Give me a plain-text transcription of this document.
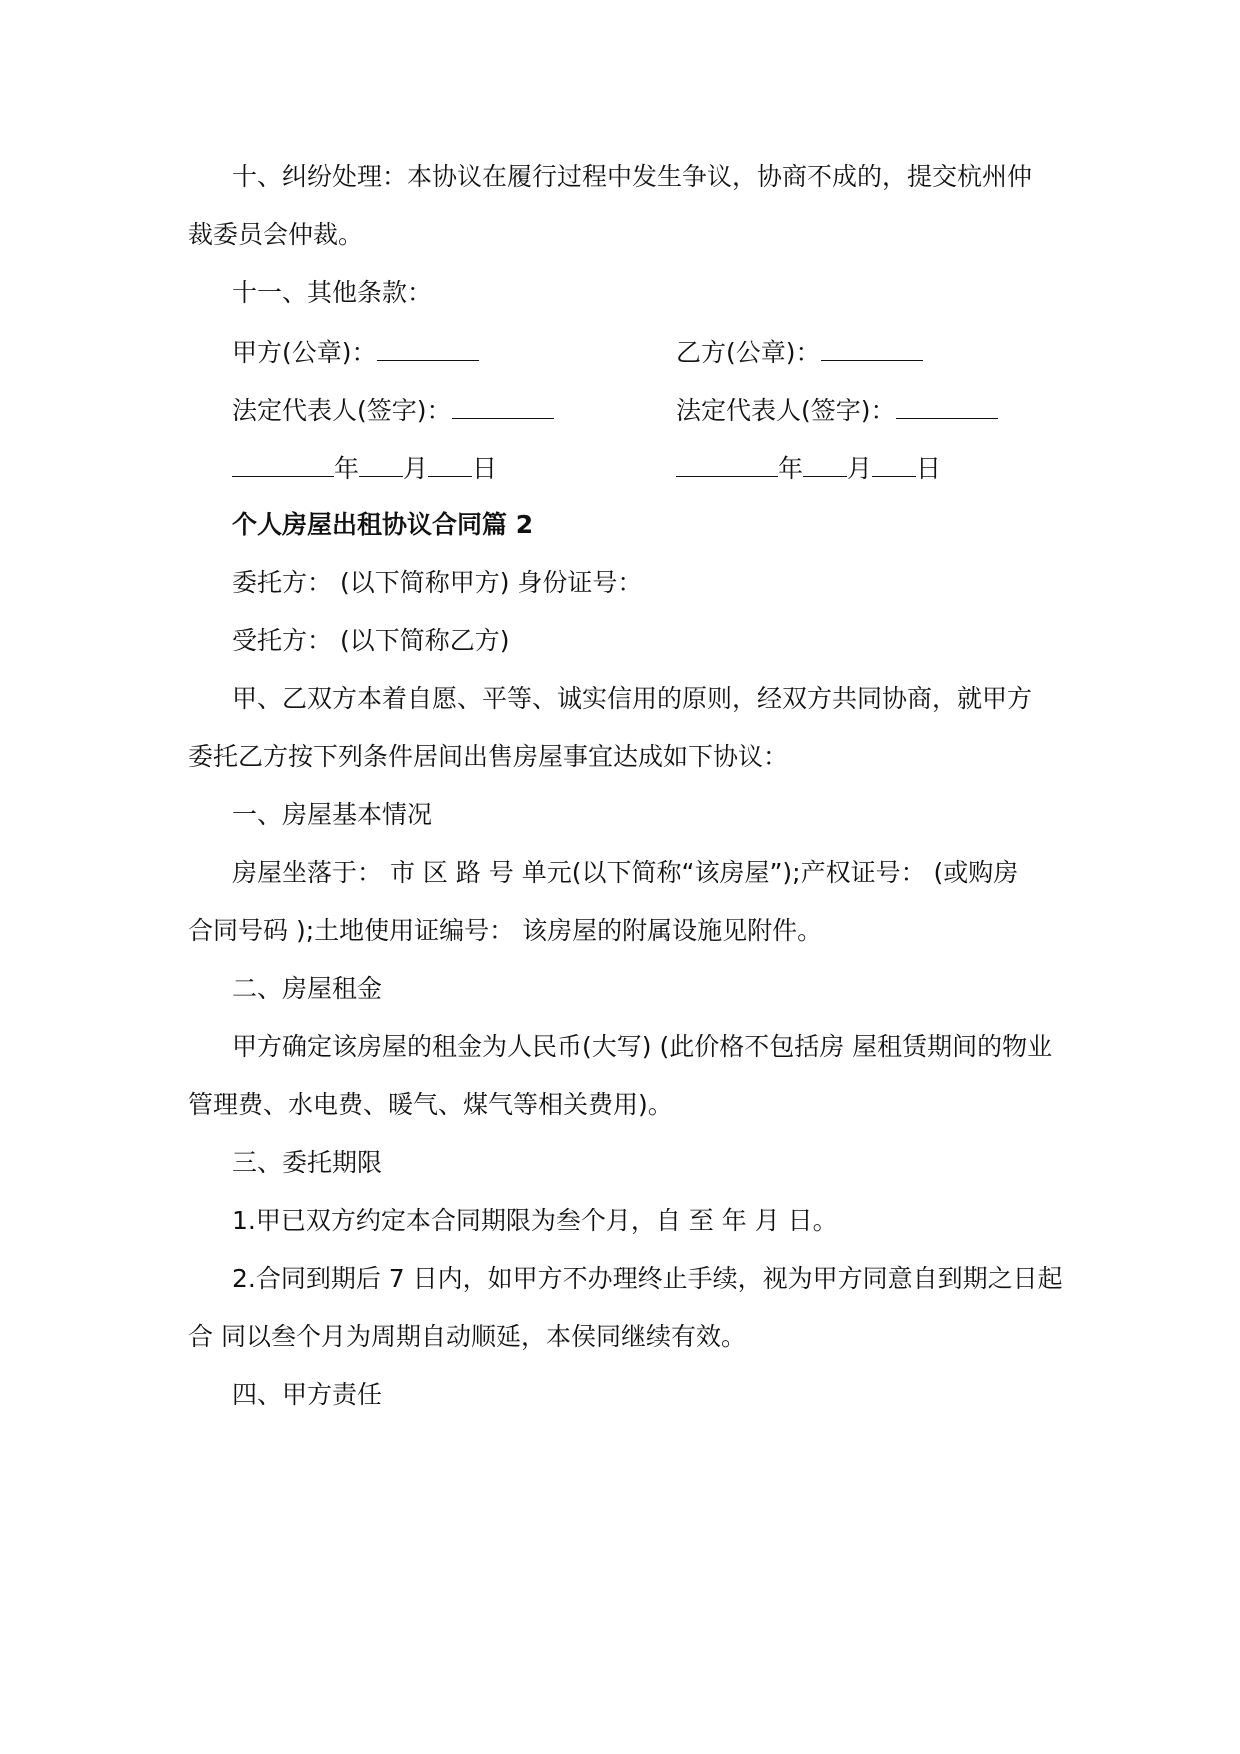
十、纠纷处理：本协议在履行过程中发生争议，协商不成的，提交杭州仲
裁委员会仲裁。
十一、其他条款：
甲方(公章)：	乙方(公章)：
法定代表人(签字)：	法定代表人(签字)：
年 月 日	年 月 日
个人房屋出租协议合同篇 2
委托方： (以下简称甲方) 身份证号：
受托方： (以下简称乙方)
甲、乙双方本着自愿、平等、诚实信用的原则，经双方共同协商，就甲方
委托乙方按下列条件居间出售房屋事宜达成如下协议：
一、房屋基本情况
房屋坐落于： 市 区 路 号 单元(以下简称“该房屋”);产权证号： (或购房
合同号码 );土地使用证编号： 该房屋的附属设施见附件。
二、房屋租金
甲方确定该房屋的租金为人民币(大写) (此价格不包括房 屋租赁期间的物业
管理费、水电费、暖气、煤气等相关费用)。
三、委托期限
1.甲已双方约定本合同期限为叁个月，自 至 年 月 日。
2.合同到期后 7 日内，如甲方不办理终止手续，视为甲方同意自到期之日起
合 同以叁个月为周期自动顺延，本侯同继续有效。
四、甲方责任
